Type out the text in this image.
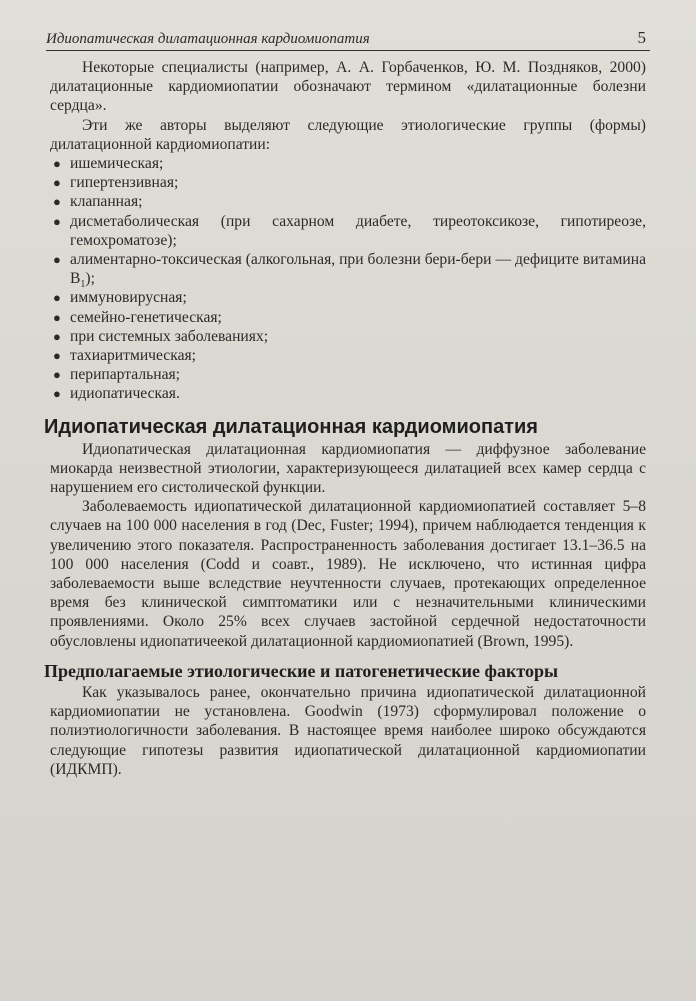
Идиопатическая дилатационная кардиомиопатия	5

Некоторые специалисты (например, А. А. Горбаченков, Ю. М. Поздняков, 2000) дилатационные кардиомиопатии обозначают термином «дилатационные болезни сердца».

Эти же авторы выделяют следующие этиологические группы (формы) дилатационной кардиомиопатии:

● ишемическая;
● гипертензивная;
● клапанная;
● дисметаболическая (при сахарном диабете, тиреотоксикозе, гипотиреозе, гемохроматозе);
● алиментарно-токсическая (алкогольная, при болезни бери-бери — дефиците витамина $B_1$);
● иммуновирусная;
● семейно-генетическая;
● при системных заболеваниях;
● тахиаритмическая;
● перипартальная;
● идиопатическая.
Идиопатическая дилатационная кардиомиопатия

Идиопатическая дилатационная кардиомиопатия — диффузное заболевание миокарда неизвестной этиологии, характеризующееся дилатацией всех камер сердца с нарушением его систолической функции.

Заболеваемость идиопатической дилатационной кардиомиопатией составляет 5–8 случаев на 100 000 населения в год (Dec, Fuster; 1994), причем наблюдается тенденция к увеличению этого показателя. Распространенность заболевания достигает 13.1–36.5 на 100 000 населения (Codd и соавт., 1989). Не исключено, что истинная цифра заболеваемости выше вследствие неучтенности случаев, протекающих определенное время без клинической симптоматики или с незначительными клиническими проявлениями. Около 25% всех случаев застойной сердечной недостаточности обусловлены идиопатичеекой дилатационной кардиомиопатией (Brown, 1995).

Предполагаемые этиологические и патогенетические факторы

Как указывалось ранее, окончательно причина идиопатической дилатационной кардиомиопатии не установлена. Goodwin (1973) сформулировал положение о полиэтиологичности заболевания. В настоящее время наиболее широко обсуждаются следующие гипотезы развития идиопатической дилатационной кардиомиопатии (ИДКМП).
